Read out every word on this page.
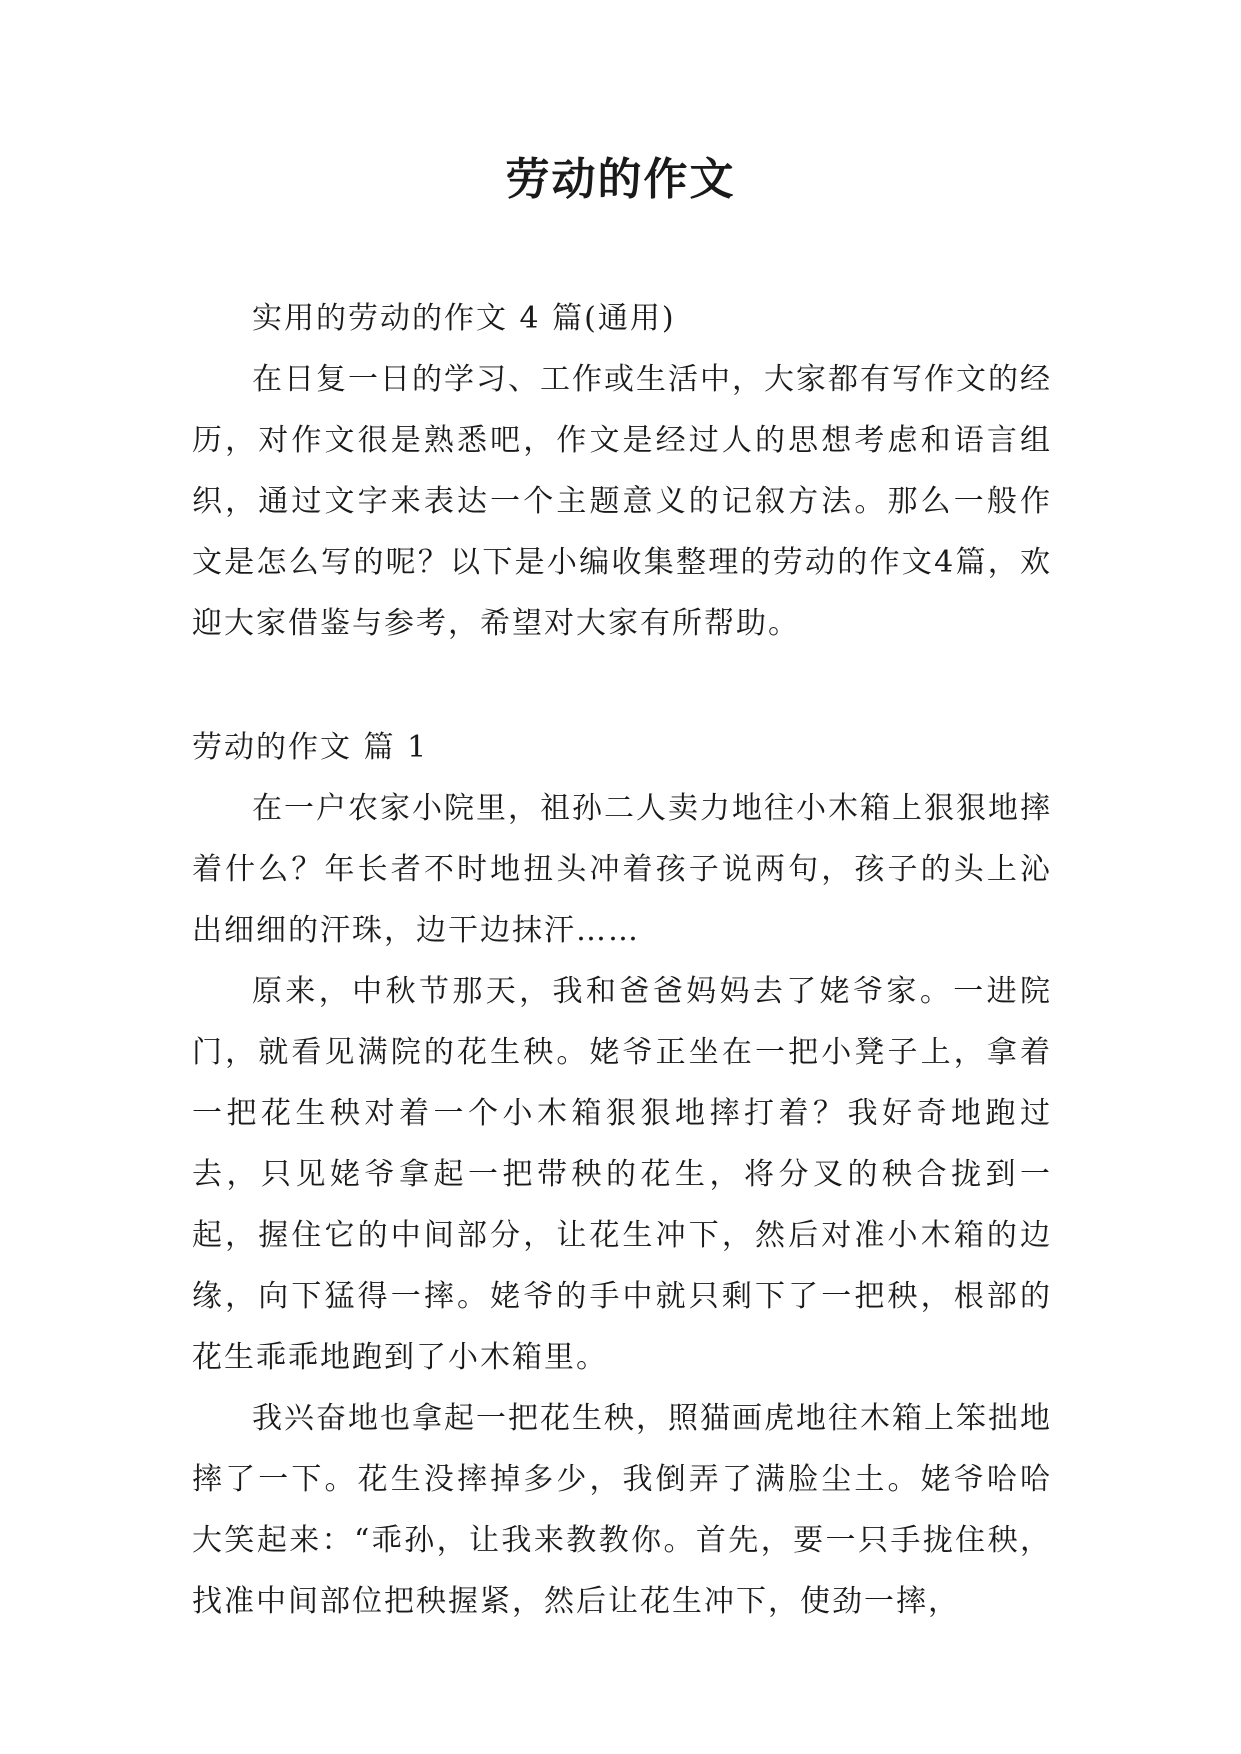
劳动的作文

实用的劳动的作文 4 篇(通用)

在日复一日的学习、工作或生活中，大家都有写作文的经历，对作文很是熟悉吧，作文是经过人的思想考虑和语言组织，通过文字来表达一个主题意义的记叙方法。那么一般作文是怎么写的呢？以下是小编收集整理的劳动的作文4篇，欢迎大家借鉴与参考，希望对大家有所帮助。

劳动的作文 篇 1

在一户农家小院里，祖孙二人卖力地往小木箱上狠狠地摔着什么？年长者不时地扭头冲着孩子说两句，孩子的头上沁出细细的汗珠，边干边抹汗……

原来，中秋节那天，我和爸爸妈妈去了姥爷家。一进院门，就看见满院的花生秧。姥爷正坐在一把小凳子上，拿着一把花生秧对着一个小木箱狠狠地摔打着？我好奇地跑过去，只见姥爷拿起一把带秧的花生，将分叉的秧合拢到一起，握住它的中间部分，让花生冲下，然后对准小木箱的边缘，向下猛得一摔。姥爷的手中就只剩下了一把秧，根部的花生乖乖地跑到了小木箱里。

我兴奋地也拿起一把花生秧，照猫画虎地往木箱上笨拙地摔了一下。花生没摔掉多少，我倒弄了满脸尘土。姥爷哈哈大笑起来：“乖孙，让我来教教你。首先，要一只手拢住秧，找准中间部位把秧握紧，然后让花生冲下，使劲一摔，
